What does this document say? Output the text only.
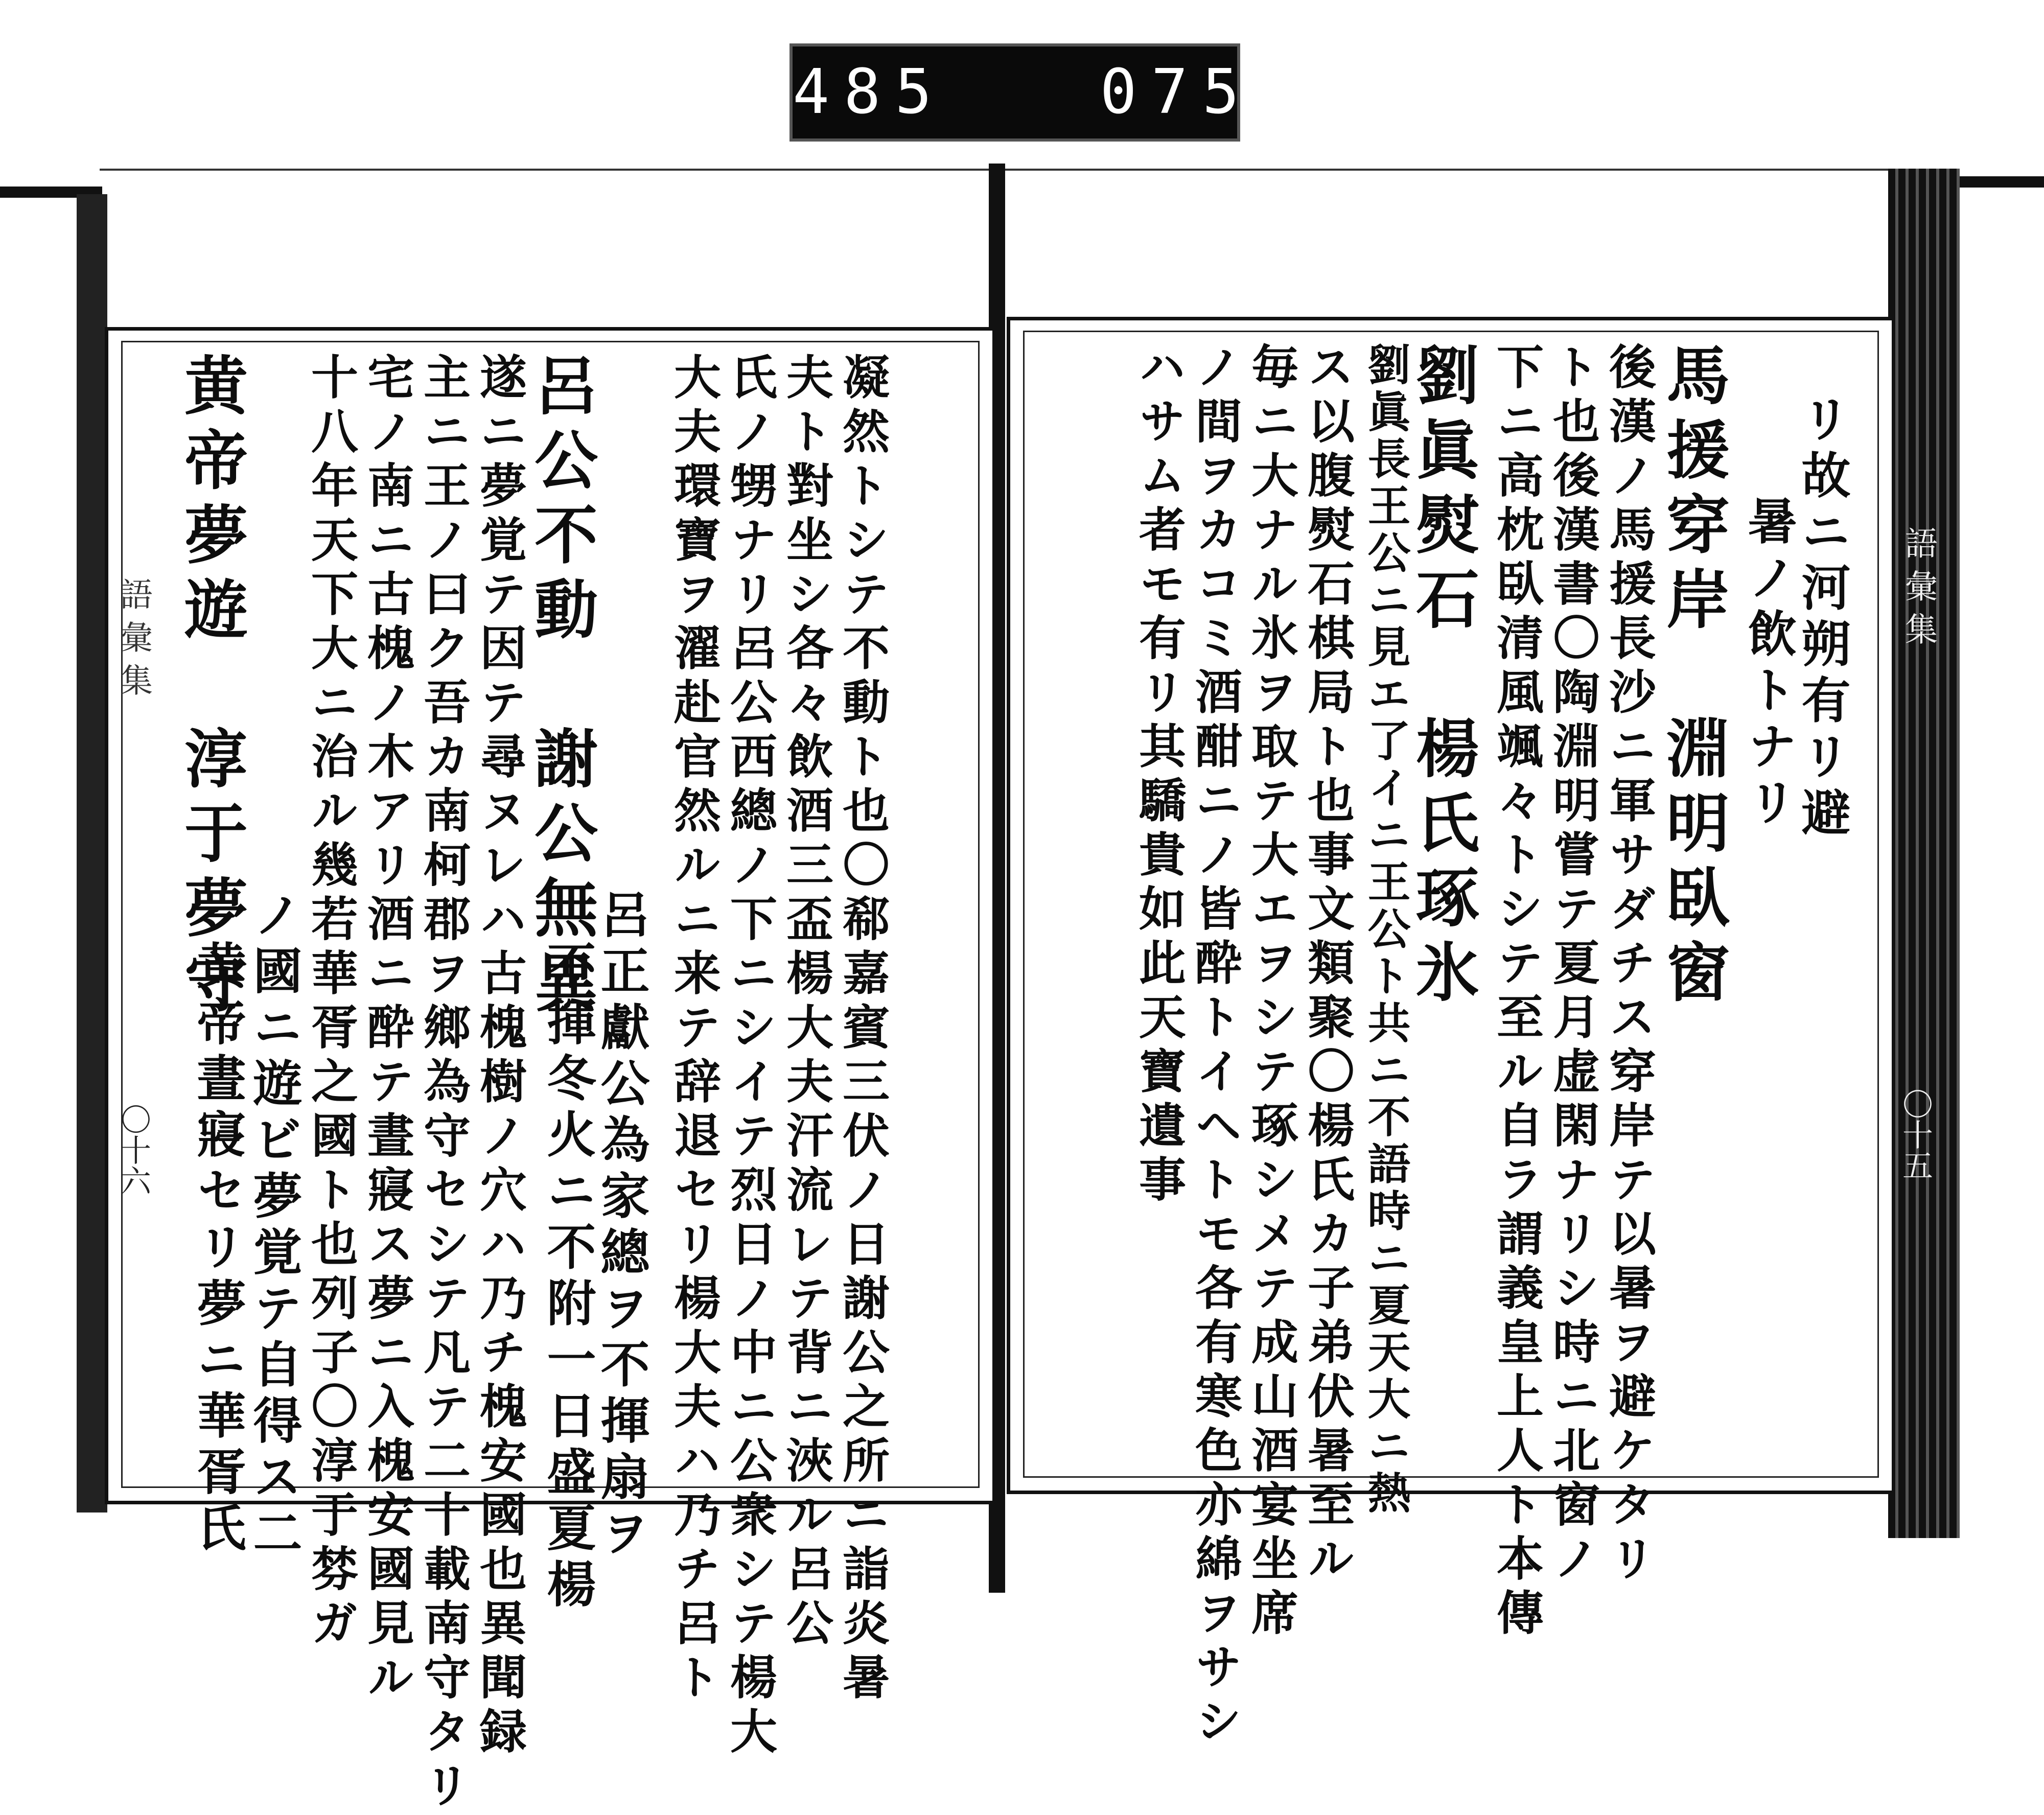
485   075.
黄帝夢遊　淳于夢守
黄帝晝寢セリ夢ニ華胥氏
ノ國ニ遊ビ夢覚テ自得ス二 十八年天下大ニ治ル幾若華胥之國ト也列子〇淳于棼ガ 宅ノ南ニ古槐ノ木アリ酒ニ酔テ晝寢ス夢ニ入槐安國見ル 主ニ王ノ曰ク吾カ南柯郡ヲ鄉為守セシテ凡テ二十載南守タリ 遂ニ夢覚テ因テ尋ヌレハ古槐樹ノ穴ハ乃チ槐安國也異聞録
呂公不動　謝公無異
不揮冬火ニ不附一日盛夏楊
呂正獻公為家總ヲ不揮扇ヲ 大夫環寶ヲ濯赴官然ルニ来テ辞退セリ楊大夫ハ乃チ呂ト 氏ノ甥ナリ呂公西總ノ下ニシイテ烈日ノ中ニ公衆シテ楊大 夫ト對坐シ各々飲酒三盃楊大夫汗流レテ背ニ浹ル呂公 凝然トシテ不動ト也〇郗嘉賓三伏ノ日謝公之所ニ詣炎暑
語彙集
〇十六
リ故ニ河朔有リ避
暑ノ飲トナリ
馬援穿岸　淵明臥窗
後漢ノ馬援長沙ニ軍サダチス穿岸テ以暑ヲ避ケタリ
ト也後漢書〇陶淵明嘗テ夏月虚閑ナリシ時ニ北窗ノ
下ニ高枕臥清風颯々トシテ至ル自ラ謂義皇上人ト本傳
劉眞熨石　楊氏琢氷
劉眞長王公ニ見エ了イニ王公ト共ニ不語時ニ夏天大ニ熱
ス以腹熨石棋局ト也事文類聚〇楊氏カ子弟伏暑至ル
毎ニ大ナル氷ヲ取テ大エヲシテ琢シメテ成山酒宴坐席
ノ間ヲカコミ酒酣ニノ皆酔トイヘトモ各有寒色亦綿ヲサシ
ハサム者モ有リ其驕貴如此天寶遺事	語彙集
〇十五
